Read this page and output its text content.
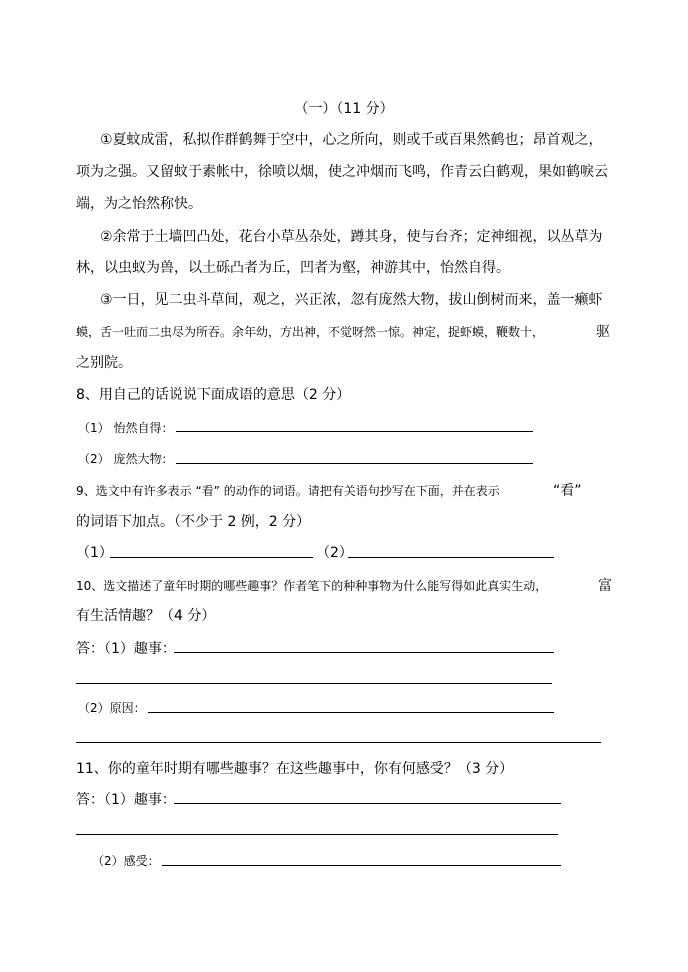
（一）（11 分）
①夏蚊成雷，私拟作群鹤舞于空中，心之所向，则或千或百果然鹤也；昂首观之，
项为之强。又留蚊于素帐中，徐喷以烟，使之冲烟而飞鸣，作青云白鹤观，果如鹤唳云
端，为之怡然称快。
②余常于土墙凹凸处，花台小草丛杂处，蹲其身，使与台齐；定神细视，以丛草为
林，以虫蚁为兽，以土砾凸者为丘，凹者为壑，神游其中，怡然自得。
③一日，见二虫斗草间，观之，兴正浓，忽有庞然大物，拔山倒树而来，盖一癞虾
蟆，舌一吐而二虫尽为所吞。余年幼，方出神，不觉呀然一惊。神定，捉虾蟆，鞭数十，	驱
之别院。
8、用自己的话说说下面成语的意思（2 分）
（1） 怡然自得：
（2） 庞然大物：
9、选文中有许多表示 “看” 的动作的词语。请把有关语句抄写在下面，并在表示	“看”
的词语下加点。（不少于 2 例，2 分）
（1）	（2）
10、选文描述了童年时期的哪些趣事？作者笔下的种种事物为什么能写得如此真实生动，	富
有生活情趣？（4 分）
答：（1）趣事：
（2）原因：
11、你的童年时期有哪些趣事？在这些趣事中，你有何感受？（3 分）
答：（1）趣事：
（2）感受：
